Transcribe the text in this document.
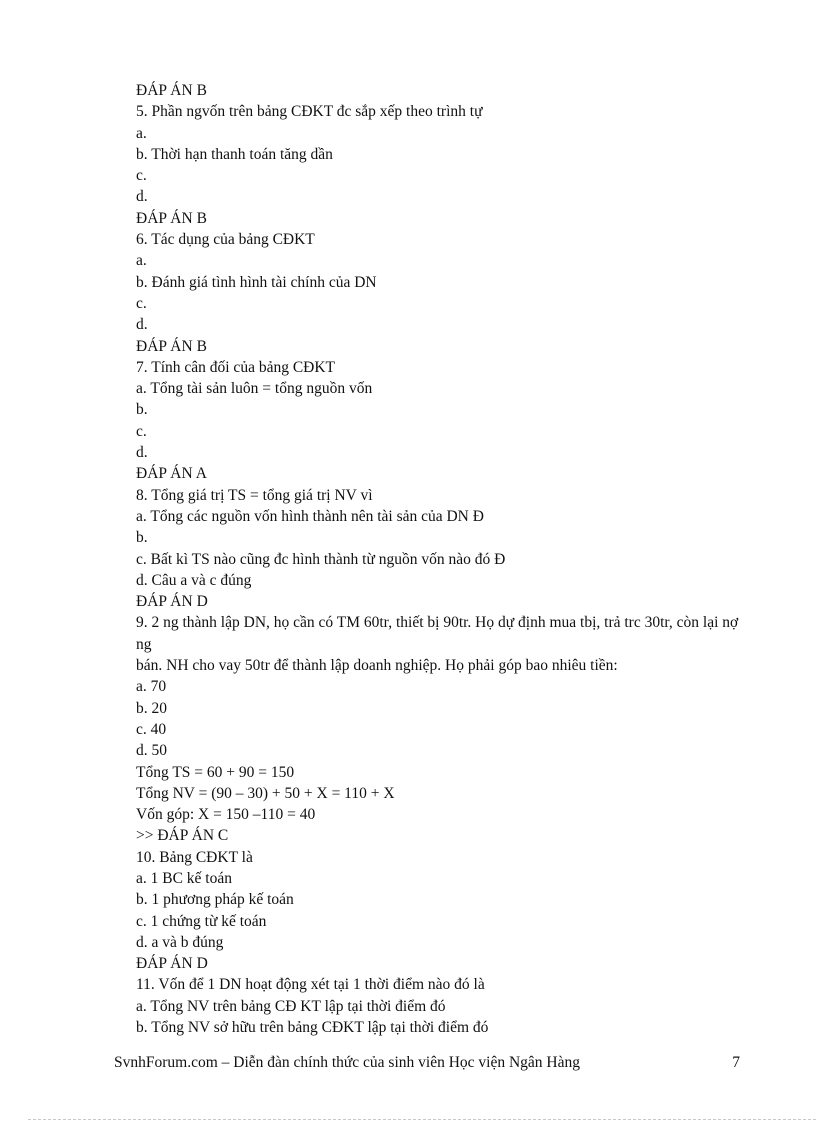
ĐÁP ÁN B
5. Phần ngvốn trên bảng CĐKT đc sắp xếp theo trình tự
a.
b. Thời hạn thanh toán tăng dần
c.
d.
ĐÁP ÁN B
6. Tác dụng của bảng CĐKT
a.
b. Đánh giá tình hình tài chính của DN
c.
d.
ĐÁP ÁN B
7. Tính cân đối của bảng CĐKT
a. Tổng tài sản luôn = tổng nguồn vốn
b.
c.
d.
ĐÁP ÁN A
8. Tổng giá trị TS = tổng giá trị NV vì
a. Tổng các nguồn vốn hình thành nên tài sản của DN Đ
b.
c. Bất kì TS nào cũng đc hình thành từ nguồn vốn nào đó Đ
d. Câu a và c đúng
ĐÁP ÁN D
9. 2 ng thành lập DN, họ cần có TM 60tr, thiết bị 90tr. Họ dự định mua tbị, trả trc 30tr, còn lại nợ ng
bán. NH cho vay 50tr để thành lập doanh nghiệp. Họ phải góp bao nhiêu tiền:
a. 70
b. 20
c. 40
d. 50
Tổng TS = 60 + 90 = 150
Tổng NV = (90 – 30) + 50 + X = 110 + X
Vốn góp: X = 150 –110 = 40
>> ĐÁP ÁN C
10. Bảng CĐKT là
a. 1 BC kế toán
b. 1 phương pháp kế toán
c. 1 chứng từ kế toán
d. a và b đúng
ĐÁP ÁN D
11. Vốn để 1 DN hoạt động xét tại 1 thời điểm nào đó là
a. Tổng NV trên bảng CĐ KT lập tại thời điểm đó
b. Tổng NV sở hữu trên bảng CĐKT lập tại thời điểm đó
SvnhForum.com – Diễn đàn chính thức của sinh viên Học viện Ngân Hàng	7
